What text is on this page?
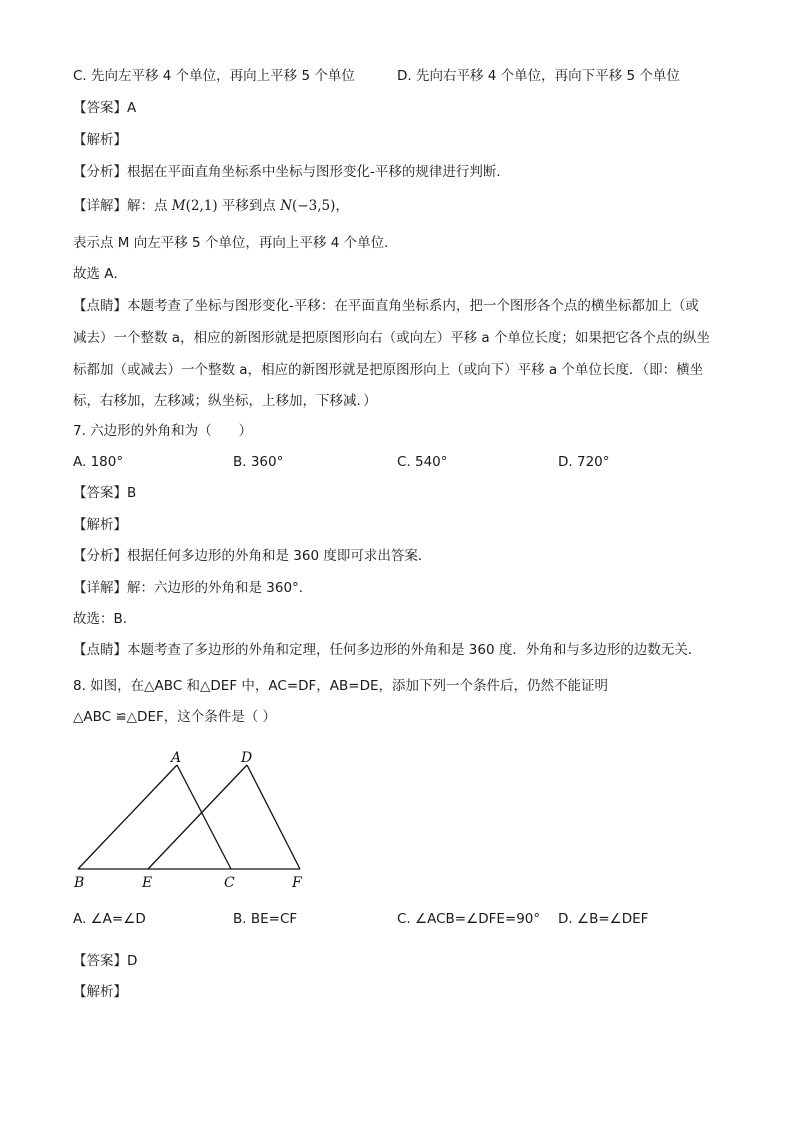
C. 先向左平移 4 个单位，再向上平移 5 个单位	D. 先向右平移 4 个单位，再向下平移 5 个单位
【答案】A
【解析】
【分析】根据在平面直角坐标系中坐标与图形变化-平移的规律进行判断．
【详解】解：点 M(2,1) 平移到点 N(−3,5)，
表示点 M 向左平移 5 个单位，再向上平移 4 个单位．
故选 A．
【点睛】本题考查了坐标与图形变化-平移：在平面直角坐标系内，把一个图形各个点的横坐标都加上（或
减去）一个整数 a，相应的新图形就是把原图形向右（或向左）平移 a 个单位长度；如果把它各个点的纵坐
标都加（或减去）一个整数 a，相应的新图形就是把原图形向上（或向下）平移 a 个单位长度．（即：横坐
标，右移加，左移减；纵坐标，上移加，下移减．）
7. 六边形的外角和为（　　）
A. 180°	B. 360°	C. 540°	D. 720°
【答案】B
【解析】
【分析】根据任何多边形的外角和是 360 度即可求出答案．
【详解】解：六边形的外角和是 360°．
故选：B．
【点睛】本题考查了多边形的外角和定理，任何多边形的外角和是 360 度．外角和与多边形的边数无关．
8. 如图，在△ABC 和△DEF 中，AC=DF，AB=DE，添加下列一个条件后，仍然不能证明
△ABC ≌△DEF，这个条件是（ ）
A	D
B	E	C	F
A. ∠A=∠D	B. BE=CF	C. ∠ACB=∠DFE=90° D. ∠B=∠DEF
【答案】D
【解析】
